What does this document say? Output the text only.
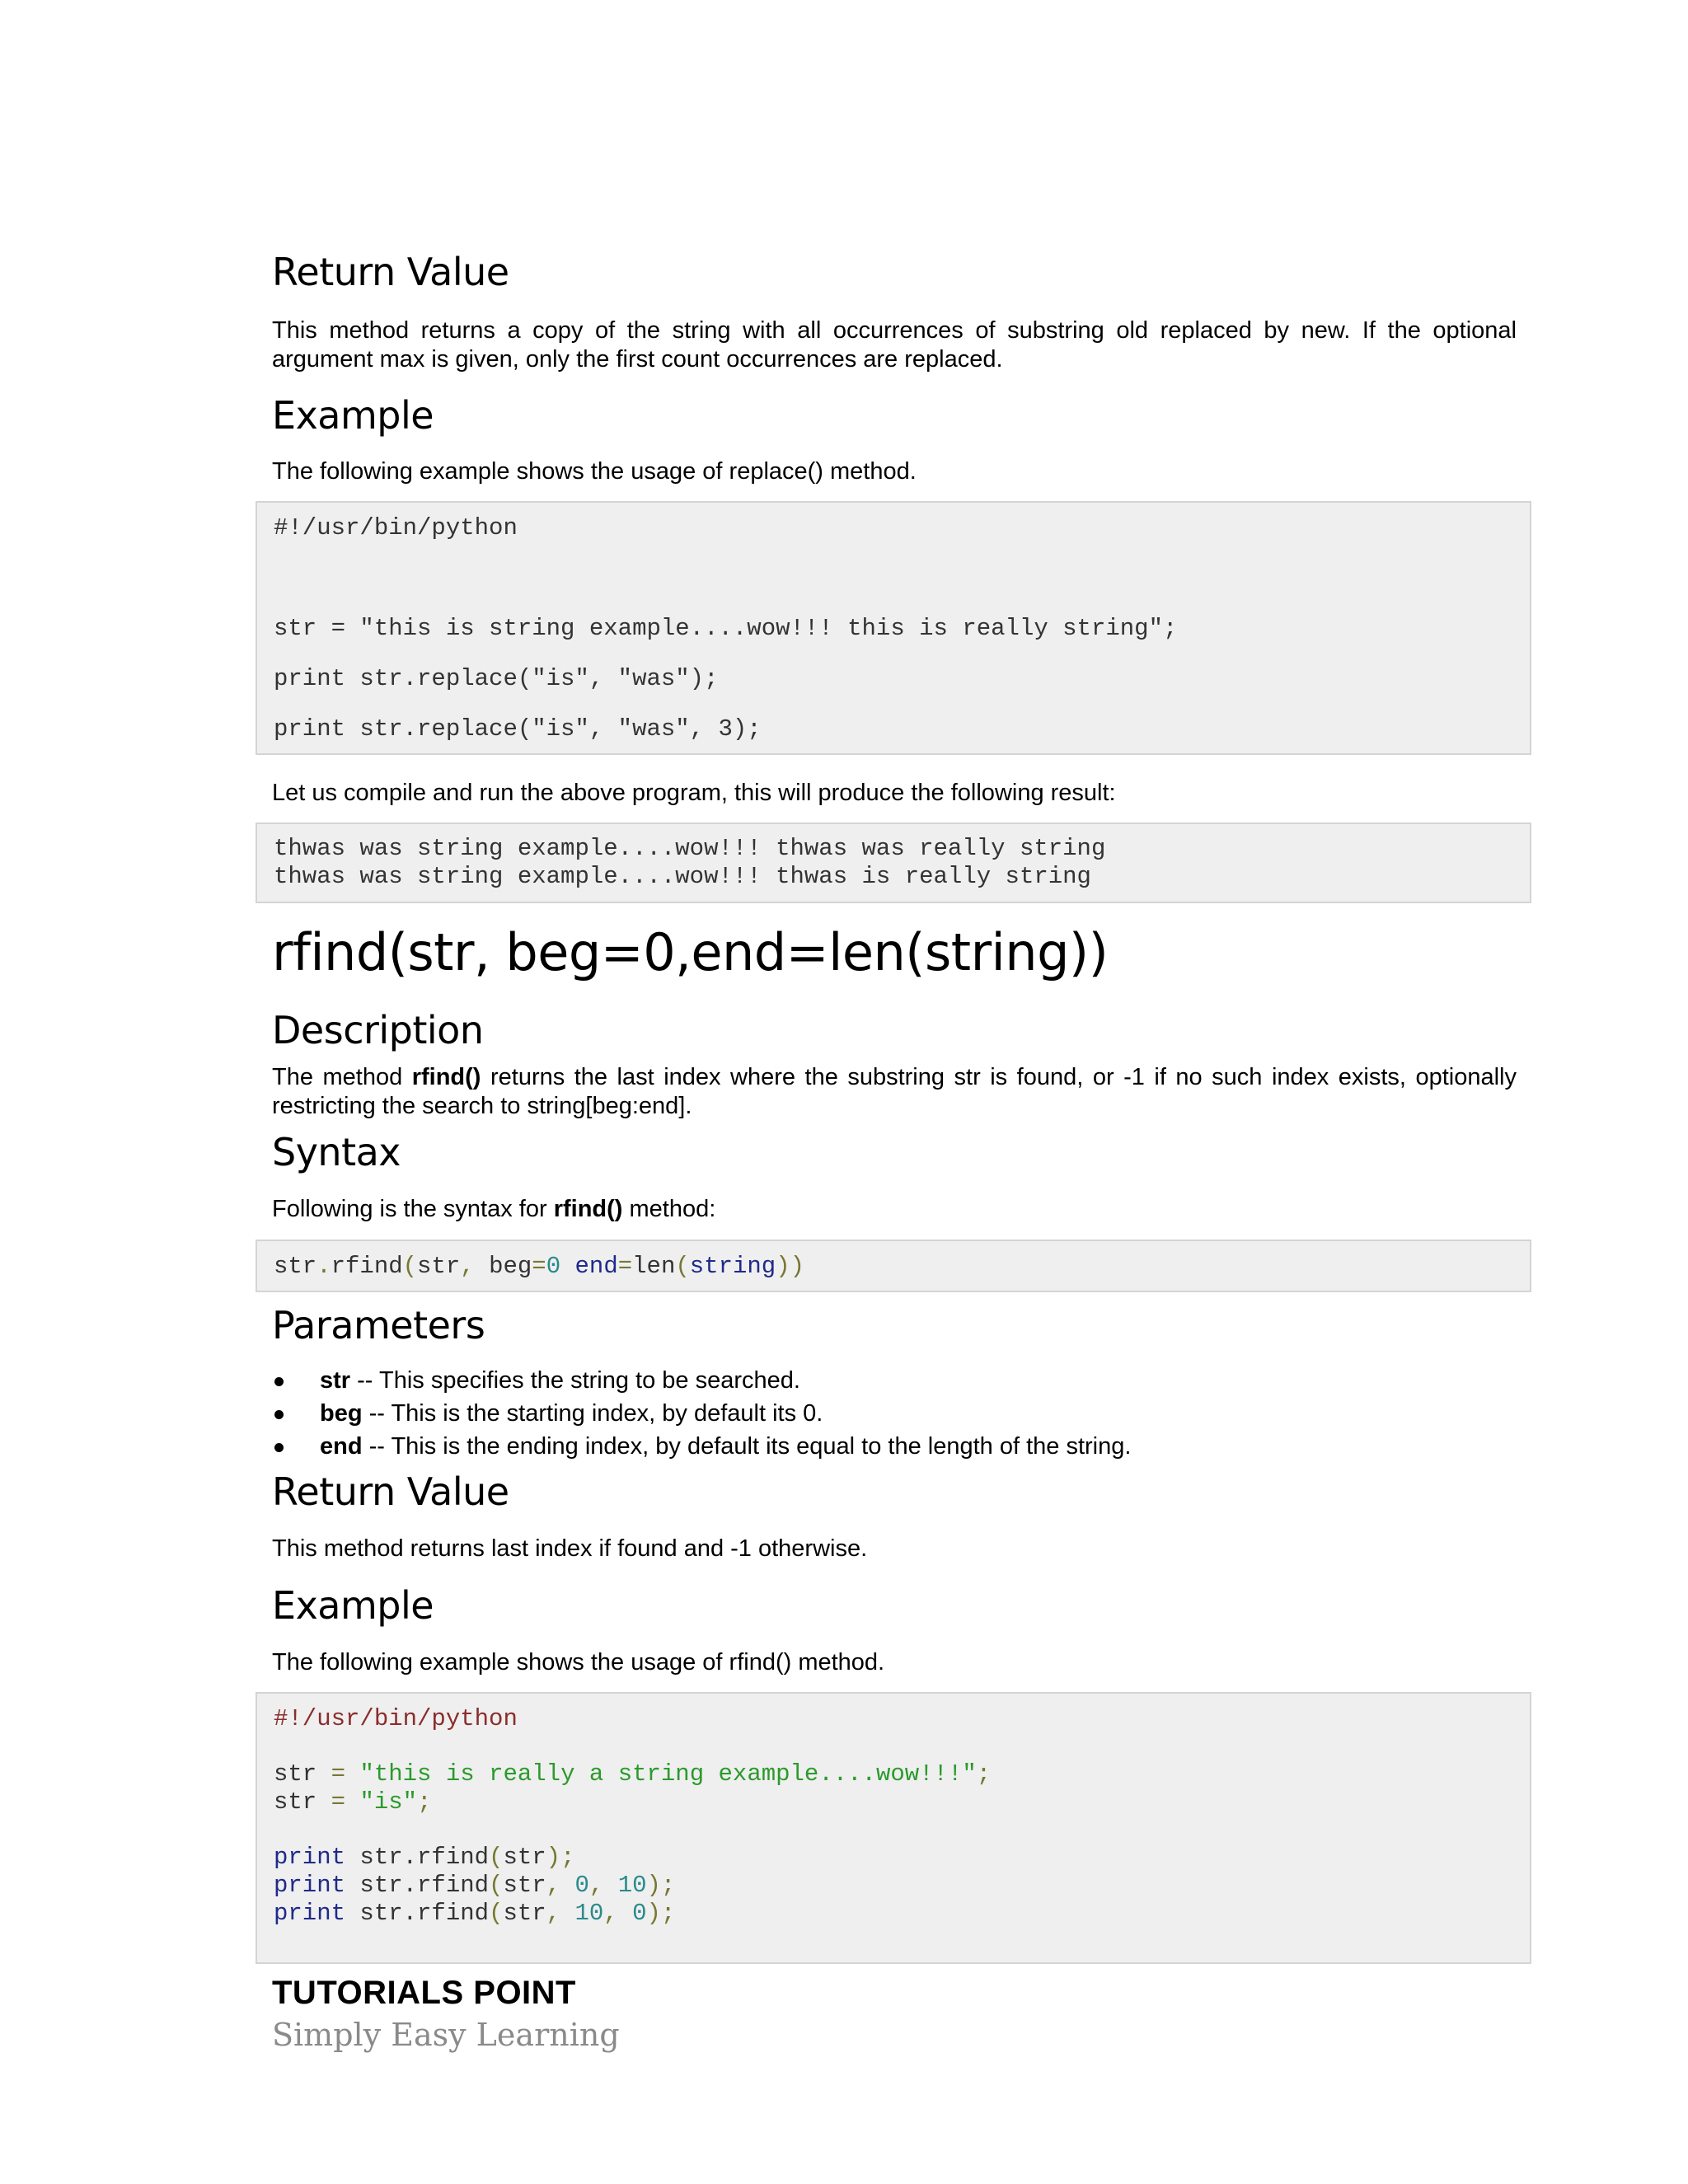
Return Value

This method returns a copy of the string with all occurrences of substring old replaced by new. If the optional argument max is given, only the first count occurrences are replaced.

Example

The following example shows the usage of replace() method.

#!/usr/bin/python
str = "this is string example....wow!!! this is really string";
print str.replace("is", "was");
print str.replace("is", "was", 3);

Let us compile and run the above program, this will produce the following result:

thwas was string example....wow!!! thwas was really string
thwas was string example....wow!!! thwas is really string
rfind(str, beg=0,end=len(string))
Description

The method rfind() returns the last index where the substring str is found, or -1 if no such index exists, optionally restricting the search to string[beg:end].

Syntax

Following is the syntax for rfind() method:

str.rfind(str, beg=0 end=len(string))
Parameters
str -- This specifies the string to be searched.
beg -- This is the starting index, by default its 0.
end -- This is the ending index, by default its equal to the length of the string.
Return Value

This method returns last index if found and -1 otherwise.

Example

The following example shows the usage of rfind() method.

#!/usr/bin/python
str = "this is really a string example....wow!!!";
str = "is";
print str.rfind(str);
print str.rfind(str, 0, 10);
print str.rfind(str, 10, 0);
TUTORIALS POINT
Simply Easy Learning
